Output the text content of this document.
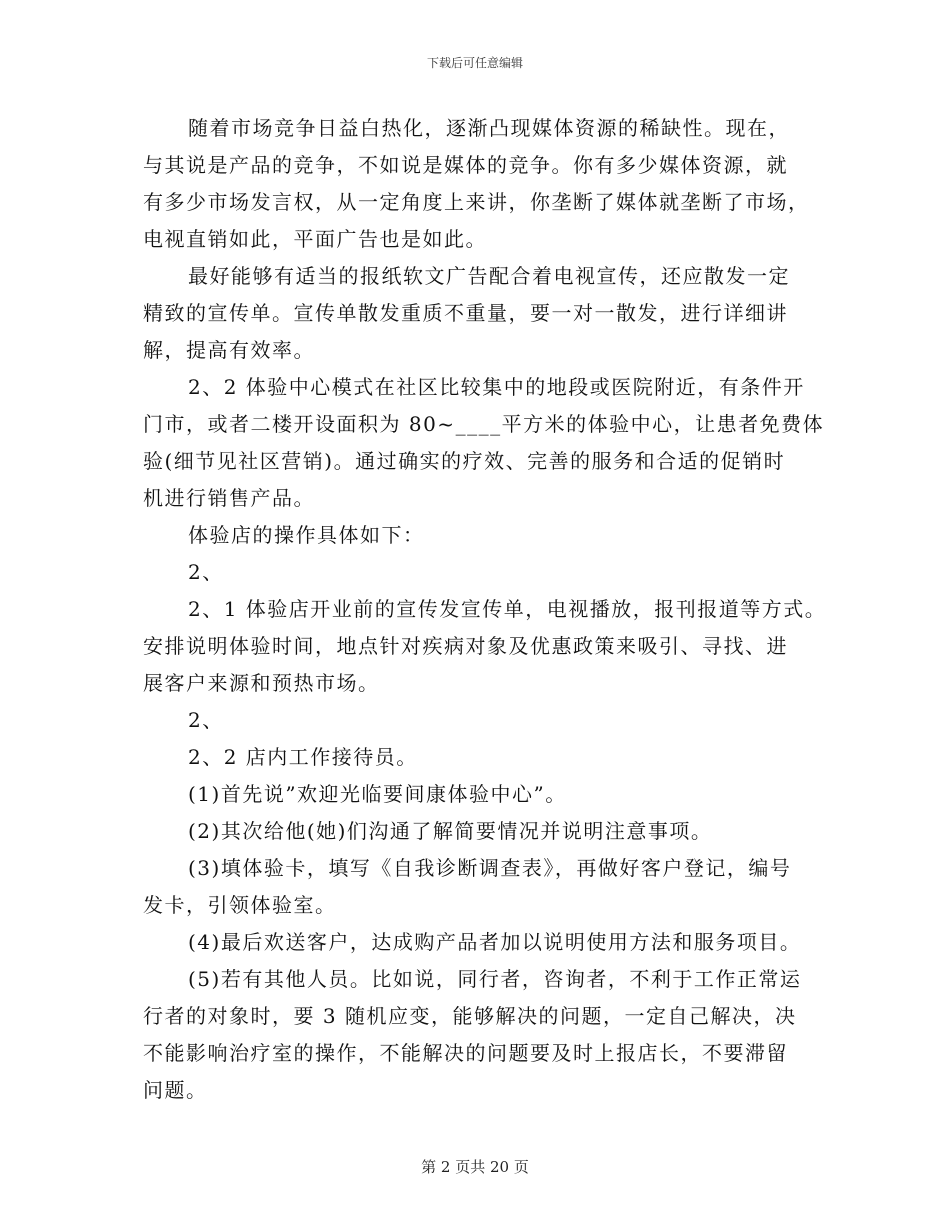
下载后可任意编辑
随着市场竞争日益白热化，逐渐凸现媒体资源的稀缺性。现在，
与其说是产品的竞争，不如说是媒体的竞争。你有多少媒体资源，就
有多少市场发言权，从一定角度上来讲，你垄断了媒体就垄断了市场，
电视直销如此，平面广告也是如此。
最好能够有适当的报纸软文广告配合着电视宣传，还应散发一定
精致的宣传单。宣传单散发重质不重量，要一对一散发，进行详细讲
解，提高有效率。
2、2 体验中心模式在社区比较集中的地段或医院附近，有条件开
门市，或者二楼开设面积为 80~____平方米的体验中心，让患者免费体
验(细节见社区营销)。通过确实的疗效、完善的服务和合适的促销时
机进行销售产品。
体验店的操作具体如下：
2、
2、1 体验店开业前的宣传发宣传单，电视播放，报刊报道等方式。
安排说明体验时间，地点针对疾病对象及优惠政策来吸引、寻找、进
展客户来源和预热市场。
2、
2、2 店内工作接待员。
(1)首先说”欢迎光临要间康体验中心”。
(2)其次给他(她)们沟通了解简要情况并说明注意事项。
(3)填体验卡，填写《自我诊断调查表》，再做好客户登记，编号
发卡，引领体验室。
(4)最后欢送客户，达成购产品者加以说明使用方法和服务项目。
(5)若有其他人员。比如说，同行者，咨询者，不利于工作正常运
行者的对象时，要 3 随机应变，能够解决的问题，一定自己解决，决
不能影响治疗室的操作，不能解决的问题要及时上报店长，不要滞留
问题。
第 2 页共 20 页
